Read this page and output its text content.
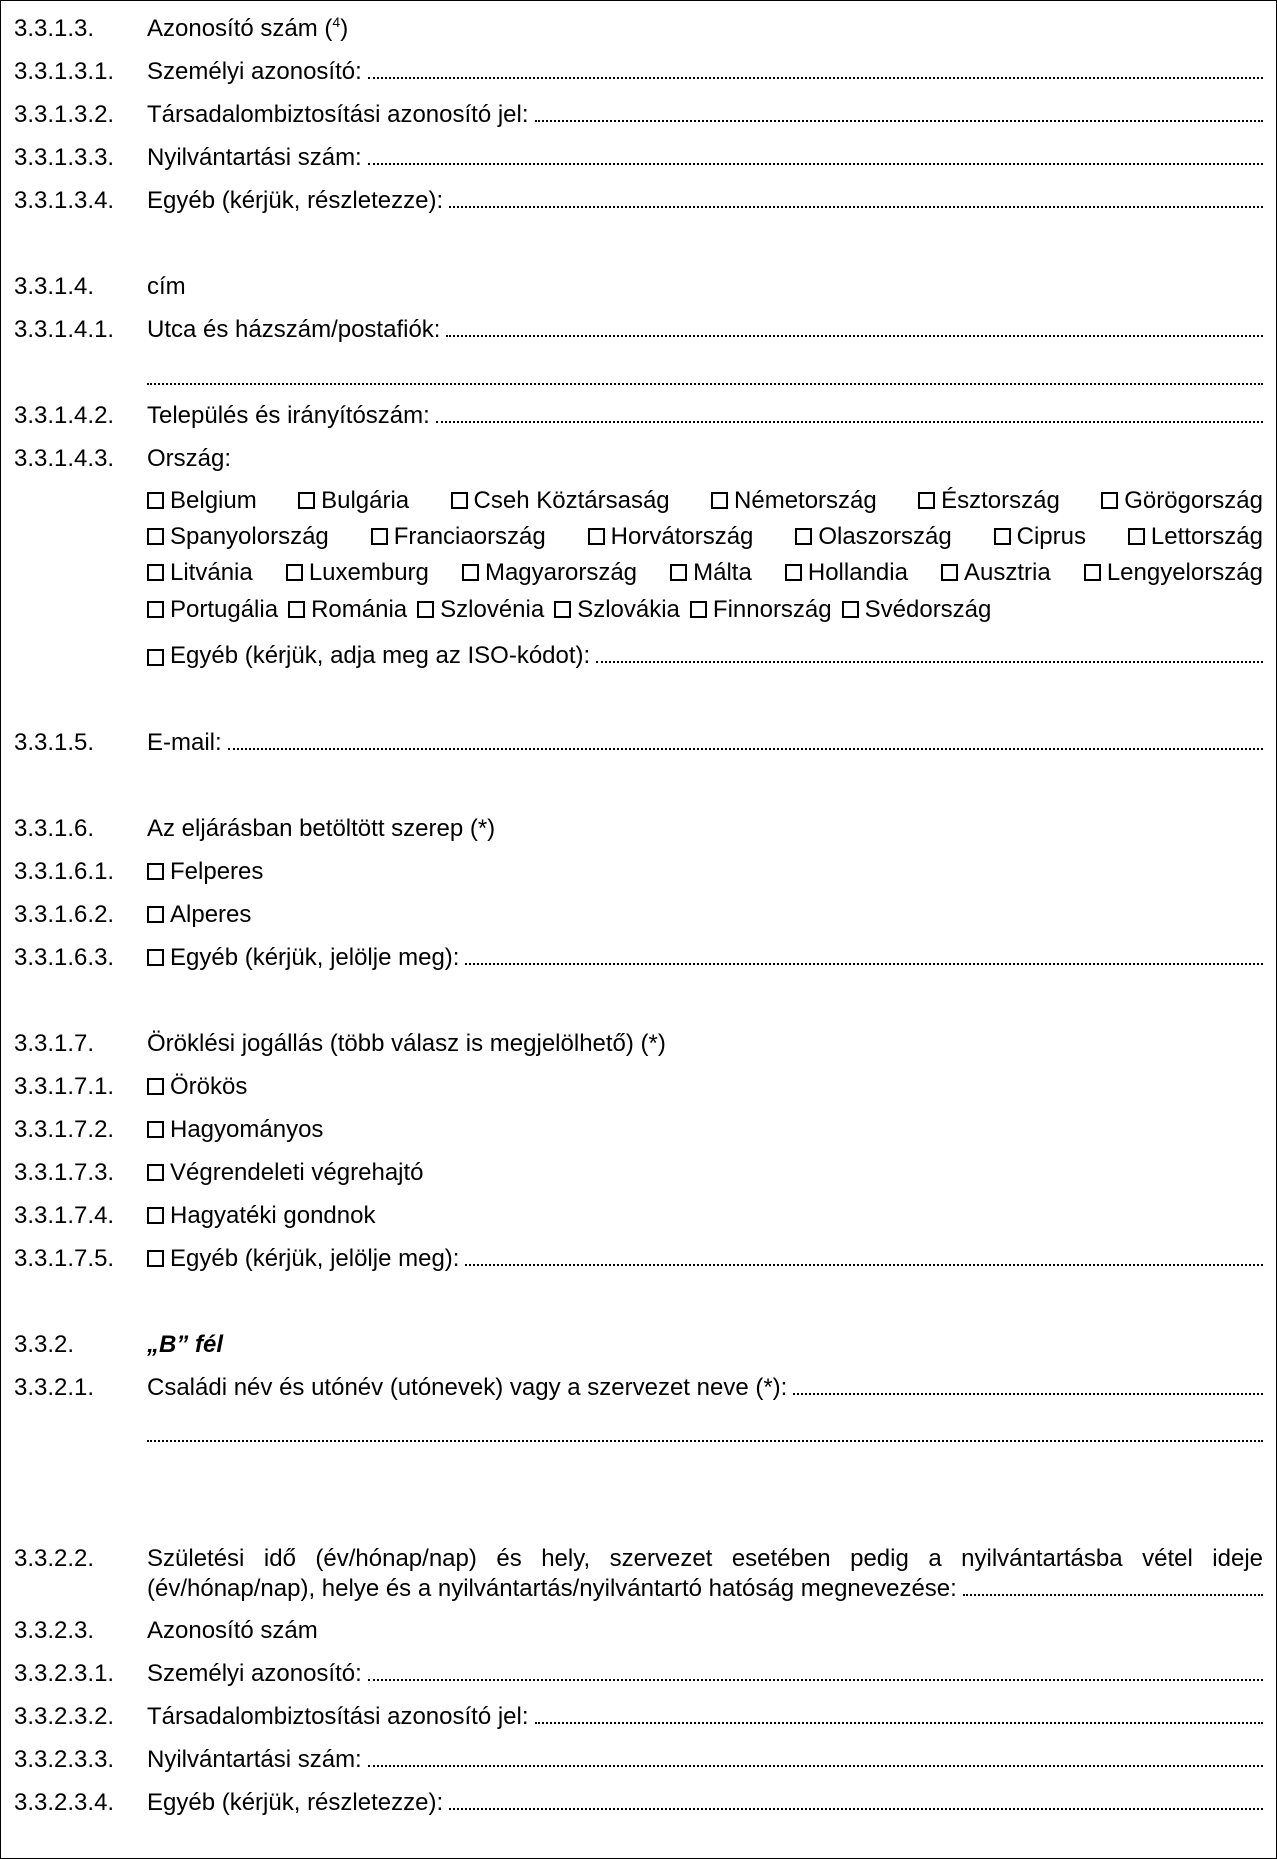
3.3.1.3. Azonosító szám ($^4$)
3.3.1.3.1. Személyi azonosító:
3.3.1.3.2. Társadalombiztosítási azonosító jel:
3.3.1.3.3. Nyilvántartási szám:
3.3.1.3.4. Egyéb (kérjük, részletezze):
3.3.1.4. cím
3.3.1.4.1. Utca és házszám/postafiók:
3.3.1.4.2. Település és irányítószám:
3.3.1.4.3. Ország:
Belgium	Bulgária	Cseh Köztársaság	Németország	Észtország	Görögország
Spanyolország	Franciaország	Horvátország	Olaszország	Ciprus	Lettország
Litvánia	Luxemburg	Magyarország	Málta	Hollandia	Ausztria	Lengyelország
Portugália	Románia	Szlovénia	Szlovákia	Finnország	Svédország
Egyéb (kérjük, adja meg az ISO-kódot):
3.3.1.5. E-mail:
3.3.1.6. Az eljárásban betöltött szerep (*)
3.3.1.6.1. Felperes
3.3.1.6.2. Alperes
3.3.1.6.3. Egyéb (kérjük, jelölje meg):
3.3.1.7. Öröklési jogállás (több válasz is megjelölhető) (*)
3.3.1.7.1. Örökös
3.3.1.7.2. Hagyományos
3.3.1.7.3. Végrendeleti végrehajtó
3.3.1.7.4. Hagyatéki gondnok
3.3.1.7.5. Egyéb (kérjük, jelölje meg):
3.3.2.	„B” fél
3.3.2.1. Családi név és utónév (utónevek) vagy a szervezet neve (*):
3.3.2.2. Születési idő (év/hónap/nap) és hely, szervezet esetében pedig a nyilvántartásba vétel ideje
(év/hónap/nap), helye és a nyilvántartás/nyilvántartó hatóság megnevezése:
3.3.2.3. Azonosító szám
3.3.2.3.1. Személyi azonosító:
3.3.2.3.2. Társadalombiztosítási azonosító jel:
3.3.2.3.3. Nyilvántartási szám:
3.3.2.3.4. Egyéb (kérjük, részletezze):
